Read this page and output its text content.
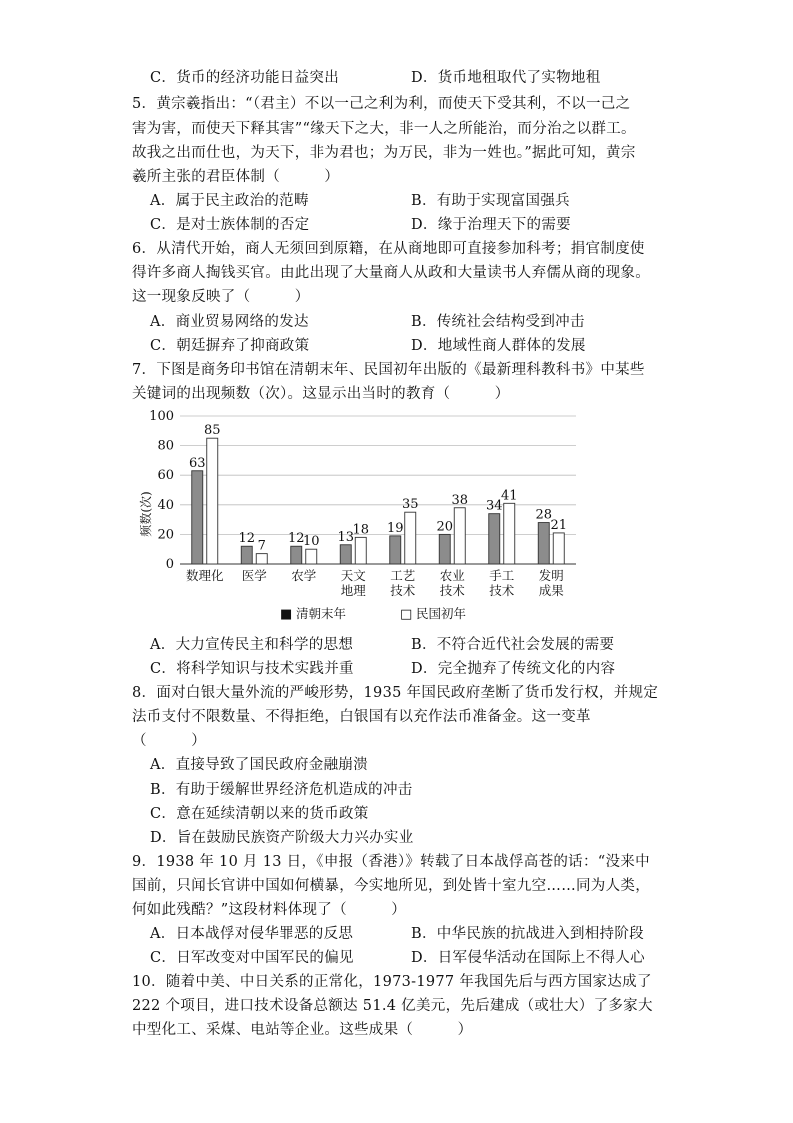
C．货币的经济功能日益突出	D．货币地租取代了实物地租
5．黄宗羲指出：“（君主）不以一己之利为利，而使天下受其利，不以一己之
害为害，而使天下释其害”“缘天下之大，非一人之所能治，而分治之以群工。
故我之出而仕也，为天下，非为君也；为万民，非为一姓也。”据此可知，黄宗
羲所主张的君臣体制（　　　）
A．属于民主政治的范畴	B．有助于实现富国强兵
C．是对士族体制的否定	D．缘于治理天下的需要
6．从清代开始，商人无须回到原籍，在从商地即可直接参加科考；捐官制度使
得许多商人掏钱买官。由此出现了大量商人从政和大量读书人弃儒从商的现象。
这一现象反映了（　　　）
A．商业贸易网络的发达	B．传统社会结构受到冲击
C．朝廷摒弃了抑商政策	D．地域性商人群体的发展
7．下图是商务印书馆在清朝末年、民国初年出版的《最新理科教科书》中某些
关键词的出现频数（次）。这显示出当时的教育（　　　）
0
20
40
60
80
100
频数(次)
63
85
12 7 12
10 13
18 19
35
20
38 34
41
28
21
数理化 医学 农学 天文
地理
工艺
技术
农业
技术
手工
技术
发明
成果
■ 清朝末年	□ 民国初年
A．大力宣传民主和科学的思想	B．不符合近代社会发展的需要
C．将科学知识与技术实践并重	D．完全抛弃了传统文化的内容
8．面对白银大量外流的严峻形势，1935 年国民政府垄断了货币发行权，并规定
法币支付不限数量、不得拒绝，白银国有以充作法币准备金。这一变革
（　　　）
A．直接导致了国民政府金融崩溃
B．有助于缓解世界经济危机造成的冲击
C．意在延续清朝以来的货币政策
D．旨在鼓励民族资产阶级大力兴办实业
9．1938 年 10 月 13 日，《申报（香港）》转载了日本战俘高苍的话：“没来中
国前，只闻长官讲中国如何横暴，今实地所见，到处皆十室九空……同为人类，
何如此残酷？”这段材料体现了（　　　）
A．日本战俘对侵华罪恶的反思	B．中华民族的抗战进入到相持阶段
C．日军改变对中国军民的偏见	D．日军侵华活动在国际上不得人心
10．随着中美、中日关系的正常化，1973-1977 年我国先后与西方国家达成了
222 个项目，进口技术设备总额达 51.4 亿美元，先后建成（或壮大）了多家大
中型化工、采煤、电站等企业。这些成果（　　　）
